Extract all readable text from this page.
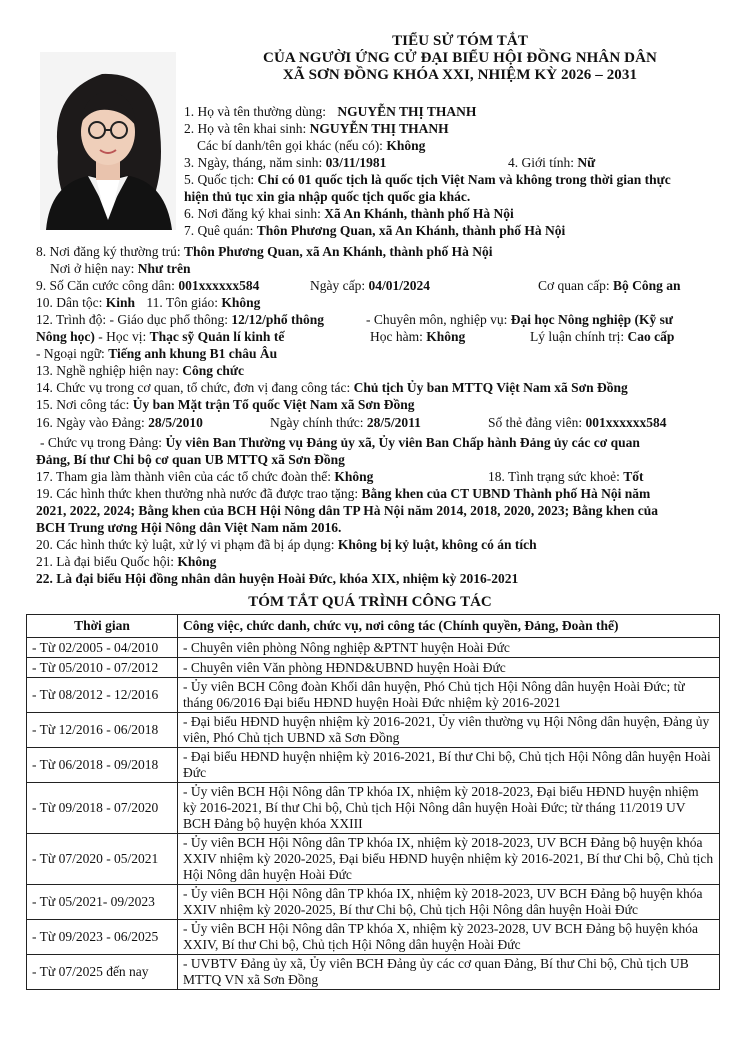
TIỂU SỬ TÓM TẮT
CỦA NGƯỜI ỨNG CỬ ĐẠI BIỂU HỘI ĐỒNG NHÂN DÂN
XÃ SƠN ĐỒNG KHÓA XXI, NHIỆM KỲ 2026 – 2031
1. Họ và tên thường dùng: NGUYỄN THỊ THANH
2. Họ và tên khai sinh: NGUYỄN THỊ THANH
Các bí danh/tên gọi khác (nếu có): Không
3. Ngày, tháng, năm sinh: 03/11/1981	4. Giới tính: Nữ
5. Quốc tịch: Chỉ có 01 quốc tịch là quốc tịch Việt Nam và không trong thời gian thực
hiện thủ tục xin gia nhập quốc tịch quốc gia khác.
6. Nơi đăng ký khai sinh: Xã An Khánh, thành phố Hà Nội
7. Quê quán: Thôn Phương Quan, xã An Khánh, thành phố Hà Nội
8. Nơi đăng ký thường trú: Thôn Phương Quan, xã An Khánh, thành phố Hà Nội
Nơi ở hiện nay: Như trên
9. Số Căn cước công dân: 001xxxxxx584	Ngày cấp: 04/01/2024	Cơ quan cấp: Bộ Công an
10. Dân tộc: Kinh 11. Tôn giáo: Không
12. Trình độ: - Giáo dục phổ thông: 12/12/phổ thông	- Chuyên môn, nghiệp vụ: Đại học Nông nghiệp (Kỹ sư
Nông học) - Học vị: Thạc sỹ Quản lí kinh tế	Học hàm: Không	Lý luận chính trị: Cao cấp
- Ngoại ngữ: Tiếng anh khung B1 châu Âu
13. Nghề nghiệp hiện nay: Công chức
14. Chức vụ trong cơ quan, tổ chức, đơn vị đang công tác: Chủ tịch Ủy ban MTTQ Việt Nam xã Sơn Đồng
15. Nơi công tác: Ủy ban Mặt trận Tổ quốc Việt Nam xã Sơn Đồng
16. Ngày vào Đảng: 28/5/2010	Ngày chính thức: 28/5/2011	Số thẻ đảng viên: 001xxxxxx584
- Chức vụ trong Đảng: Ủy viên Ban Thường vụ Đảng ủy xã, Ủy viên Ban Chấp hành Đảng ủy các cơ quan
Đảng, Bí thư Chi bộ cơ quan UB MTTQ xã Sơn Đồng
17. Tham gia làm thành viên của các tổ chức đoàn thể: Không	18. Tình trạng sức khoẻ: Tốt
19. Các hình thức khen thưởng nhà nước đã được trao tặng: Bằng khen của CT UBND Thành phố Hà Nội năm
2021, 2022, 2024; Bằng khen của BCH Hội Nông dân TP Hà Nội năm 2014, 2018, 2020, 2023; Bằng khen của
BCH Trung ương Hội Nông dân Việt Nam năm 2016.
20. Các hình thức kỷ luật, xử lý vi phạm đã bị áp dụng: Không bị kỷ luật, không có án tích
21. Là đại biểu Quốc hội: Không
22. Là đại biểu Hội đồng nhân dân huyện Hoài Đức, khóa XIX, nhiệm kỳ 2016-2021
TÓM TẮT QUÁ TRÌNH CÔNG TÁC
Thời gian	Công việc, chức danh, chức vụ, nơi công tác (Chính quyền, Đảng, Đoàn thể)
- Từ 02/2005 - 04/2010	- Chuyên viên phòng Nông nghiệp &PTNT huyện Hoài Đức
- Từ 05/2010 - 07/2012	- Chuyên viên Văn phòng HĐND&UBND huyện Hoài Đức
- Từ 08/2012 - 12/2016	- Ủy viên BCH Công đoàn Khối dân huyện, Phó Chủ tịch Hội Nông dân huyện Hoài Đức; từ tháng 06/2016 Đại biểu HĐND huyện Hoài Đức nhiệm kỳ 2016-2021
- Từ 12/2016 - 06/2018	- Đại biểu HĐND huyện nhiệm kỳ 2016-2021, Ủy viên thường vụ Hội Nông dân huyện, Đảng ủy viên, Phó Chủ tịch UBND xã Sơn Đồng
- Từ 06/2018 - 09/2018	- Đại biểu HĐND huyện nhiệm kỳ 2016-2021, Bí thư Chi bộ, Chủ tịch Hội Nông dân huyện Hoài Đức
- Từ 09/2018 - 07/2020	- Ủy viên BCH Hội Nông dân TP khóa IX, nhiệm kỳ 2018-2023, Đại biểu HĐND huyện nhiệm kỳ 2016-2021, Bí thư Chi bộ, Chủ tịch Hội Nông dân huyện Hoài Đức; từ tháng 11/2019 UV BCH Đảng bộ huyện khóa XXIII
- Từ 07/2020 - 05/2021	- Ủy viên BCH Hội Nông dân TP khóa IX, nhiệm kỳ 2018-2023, UV BCH Đảng bộ huyện khóa XXIV nhiệm kỳ 2020-2025, Đại biểu HĐND huyện nhiệm kỳ 2016-2021, Bí thư Chi bộ, Chủ tịch Hội Nông dân huyện Hoài Đức
- Từ 05/2021- 09/2023	- Ủy viên BCH Hội Nông dân TP khóa IX, nhiệm kỳ 2018-2023, UV BCH Đảng bộ huyện khóa XXIV nhiệm kỳ 2020-2025, Bí thư Chi bộ, Chủ tịch Hội Nông dân huyện Hoài Đức
- Từ 09/2023 - 06/2025	- Ủy viên BCH Hội Nông dân TP khóa X, nhiệm kỳ 2023-2028, UV BCH Đảng bộ huyện khóa XXIV, Bí thư Chi bộ, Chủ tịch Hội Nông dân huyện Hoài Đức
- Từ 07/2025 đến nay	- UVBTV Đảng ủy xã, Ủy viên BCH Đảng ủy các cơ quan Đảng, Bí thư Chi bộ, Chủ tịch UB MTTQ VN xã Sơn Đồng
